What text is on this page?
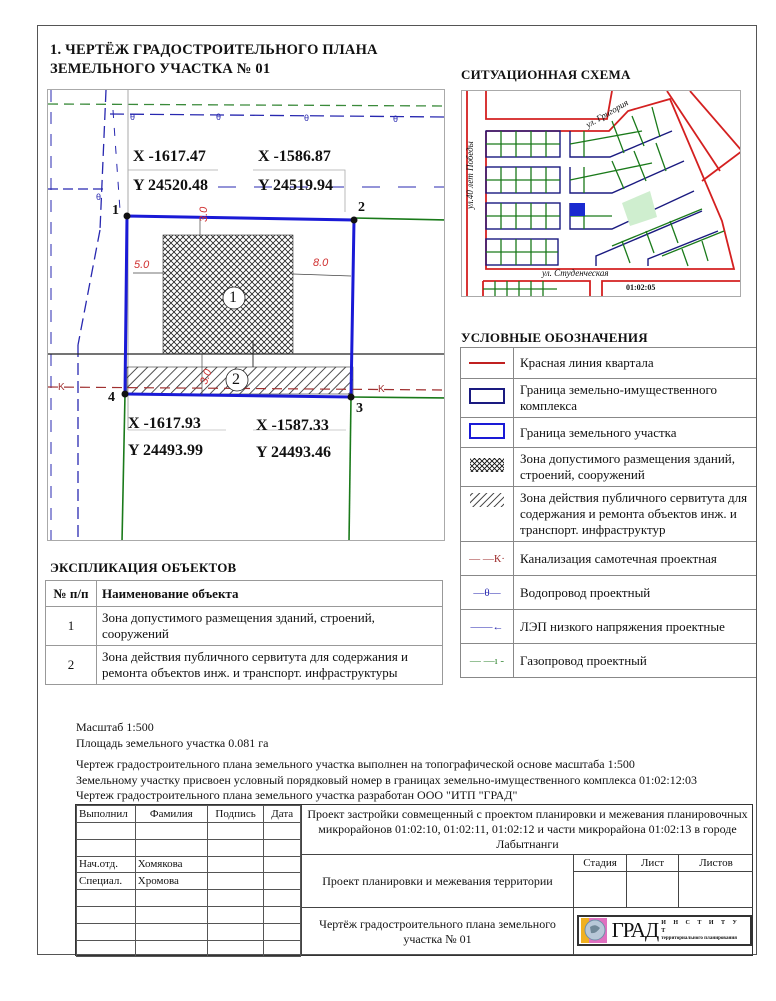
1. ЧЕРТЁЖ ГРАДОСТРОИТЕЛЬНОГО ПЛАНА
ЗЕМЕЛЬНОГО УЧАСТКА № 01
θ
θ	θ	θ	θ
K	K
X -1617.47
Y 24520.48
X -1586.87
Y 24519.94
X -1617.93
Y 24493.99
X -1587.33
Y 24493.46
1	2
3
4
3.0
5.0	8.0
3.0
1
2
СИТУАЦИОННАЯ СХЕМА
ул.40 лет Победы
ул. Григория
ул. Студенческая
01:02:05
УСЛОВНЫЕ ОБОЗНАЧЕНИЯ
	Красная линия квартала
	Граница земельно-имущественного комплекса
	Граница земельного участка
	Зона допустимого размещения зданий, строений, сооружений
	Зона действия публичного сервитута для содержания и ремонта объектов инж. и транспорт. инфраструктур
— —К·	Канализация самотечная проектная
—θ—	Водопровод проектный
——←	ЛЭП низкого напряжения проектные
— —ı -	Газопровод проектный
ЭКСПЛИКАЦИЯ ОБЪЕКТОВ
№ п/п	Наименование объекта
1	Зона допустимого размещения зданий, строений, сооружений
2	Зона действия публичного сервитута для содержания и ремонта объектов инж. и транспорт. инфраструктуры
Масштаб 1:500
Площадь земельного участка 0.081 га
Чертеж градостроительного плана земельного участка выполнен на топографической основе масштаба 1:500
Земельному участку присвоен условный порядковый номер в границах земельно-имущественного комплекса 01:02:12:03
Чертеж градостроительного плана земельного участка разработан ООО "ИТП "ГРАД"
Выполнил	Фамилия	Подпись	Дата

Нач.отд.	Хомякова		
Специал.	Хромова		

Проект застройки совмещенный с проектом планировки и межевания планировочных микрорайонов 01:02:10, 01:02:11, 01:02:12 и части микрорайона 01:02:13 в городе Лабытнанги
Проект планировки и межевания территории
Стадия	Лист	Листов
Чертёж градостроительного плана земельного участка № 01	ГРАД И Н С Т И Т У Т
территориального планирования
